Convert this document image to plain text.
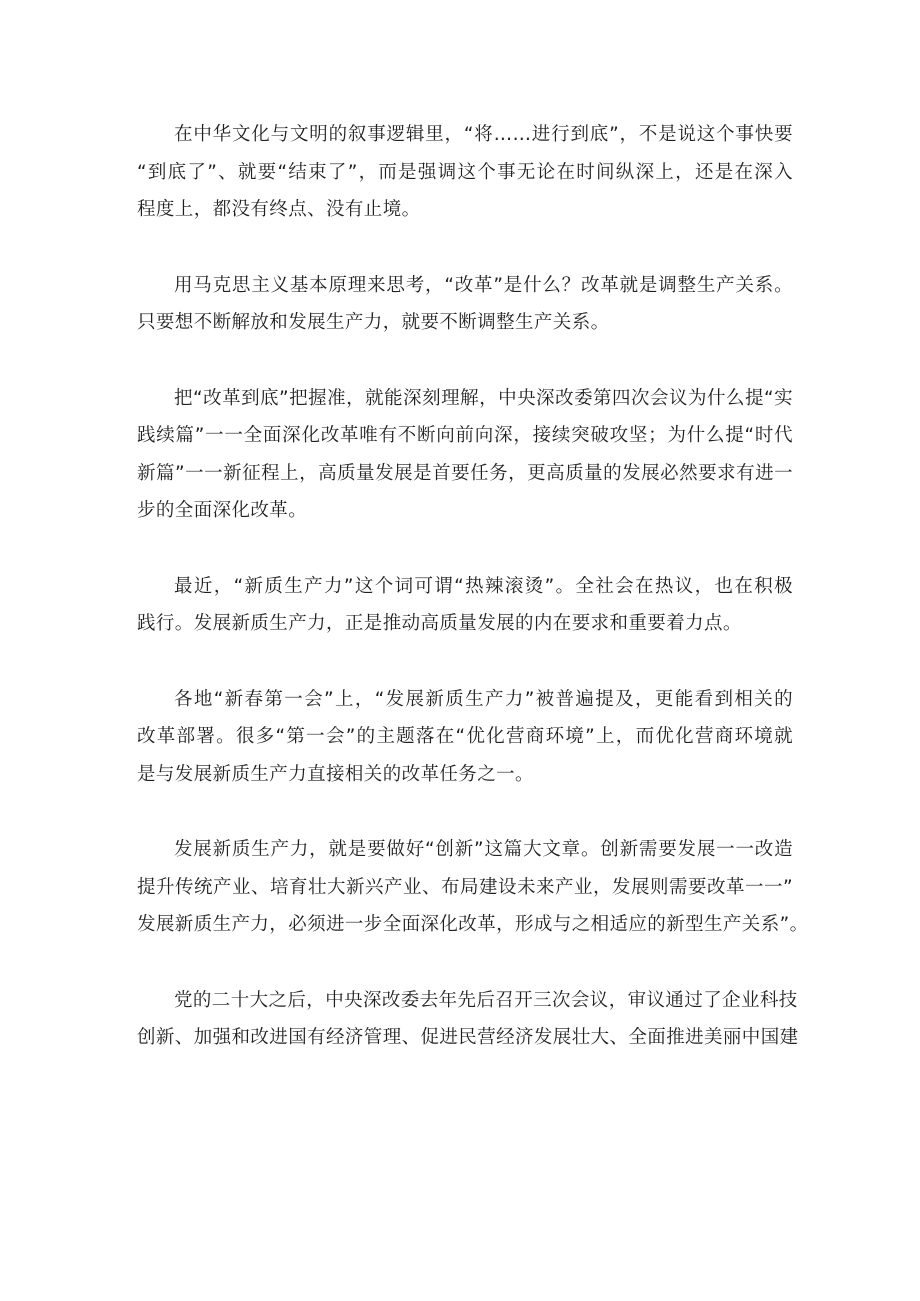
在中华文化与文明的叙事逻辑里，“将……进行到底”，不是说这个事快要
“到底了”、就要“结束了”，而是强调这个事无论在时间纵深上，还是在深入
程度上，都没有终点、没有止境。

用马克思主义基本原理来思考，“改革”是什么？改革就是调整生产关系。
只要想不断解放和发展生产力，就要不断调整生产关系。

把“改革到底”把握准，就能深刻理解，中央深改委第四次会议为什么提“实
践续篇”一一全面深化改革唯有不断向前向深，接续突破攻坚；为什么提“时代
新篇”一一新征程上，高质量发展是首要任务，更高质量的发展必然要求有进一
步的全面深化改革。

最近，“新质生产力”这个词可谓“热辣滚烫”。全社会在热议，也在积极
践行。发展新质生产力，正是推动高质量发展的内在要求和重要着力点。

各地“新春第一会”上，“发展新质生产力”被普遍提及，更能看到相关的
改革部署。很多“第一会”的主题落在“优化营商环境”上，而优化营商环境就
是与发展新质生产力直接相关的改革任务之一。

发展新质生产力，就是要做好“创新”这篇大文章。创新需要发展一一改造
提升传统产业、培育壮大新兴产业、布局建设未来产业，发展则需要改革一一”
发展新质生产力，必须进一步全面深化改革，形成与之相适应的新型生产关系”。

党的二十大之后，中央深改委去年先后召开三次会议，审议通过了企业科技
创新、加强和改进国有经济管理、促进民营经济发展壮大、全面推进美丽中国建
